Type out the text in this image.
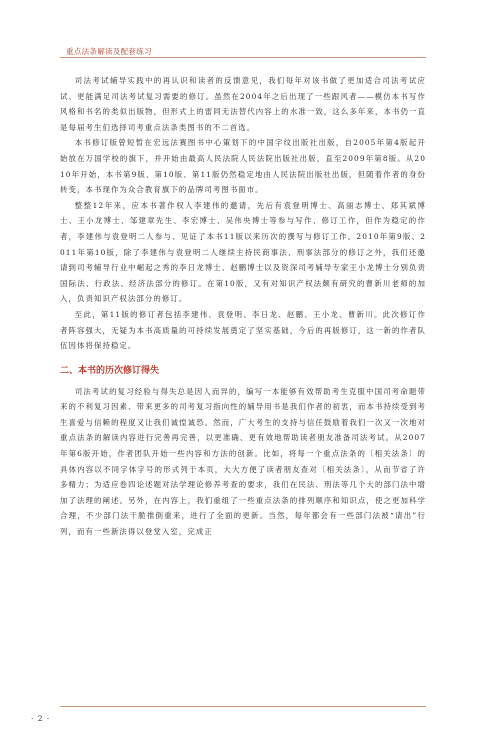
重点法条解读及配套练习

司法考试辅导实践中的再认识和读者的反馈意见，我们每年对该书做了更加适合司法考试应试、更能满足司法考试复习需要的修订。虽然在2004年之后出现了一些跟风者——模仿本书写作风格和书名的类似出版物，但形式上的雷同无法替代内容上的水准一致，这么多年来，本书仍一直是每届考生们选择司考重点法条类图书的不二首选。

本书修订版曾短暂在宏远法赛图书中心策划下的中国字纹出版社出版，自2005年第4版起开始放在万国学校的旗下，并开始由最高人民法院人民法院出版社出版，直至2009年第8版。从2010年开始，本书第9版、第10版、第11版仍然稳定地由人民法院出版社出版，但随着作者的身份转变，本书现作为众合教育旗下的品牌司考图书面市。

整整12年来，应本书著作权人李建伟的邀请，先后有袁登明博士、高丽志博士、郑其斌博士、王小龙博士、邹建章先生、李宏博士、吴伟央博士等参与写作、修订工作，但作为稳定的作者，李建伟与袁登明二人参与、见证了本书11版以来历次的撰写与修订工作。2010年第9版、2011年第10版，除了李建伟与袁登明二人继续主持民商事法、刑事法部分的修订之外，我们还邀请到司考辅导行业中崛起之秀的李日龙博士、赵鹏博士以及资深司考辅导专家王小龙博士分别负责国际法、行政法、经济法部分的修订。在第10版，又有对知识产权法颇有研究的曹新川老师的加入，负责知识产权法部分的修订。

至此，第11版的修订者包括李建伟、袁登明、李日龙、赵鹏、王小龙、曹新川。此次修订作者阵容强大，无疑为本书高质量的可持续发展奠定了坚实基础，今后的再版修订，这一新的作者队伍因体将保持稳定。

二、本书的历次修订得失

司法考试的复习经验与得失总是因人而异的，编写一本能够有效帮助考生克服中国司考命题带来的不利复习因素、带来更多的司考复习指向性的辅导用书是我们作者的初衷，而本书持续受到考生喜爱与信赖的程度又让我们诚惶诚恐。然而，广大考生的支持与信任鼓励着我们一次又一次地对重点法条的解读内容进行完善再完善，以更准确、更有效地帮助读者朋友准备司法考试。从2007年第6版开始，作者团队开始一些内容和方法的创新。比如，将每一个重点法条的〔相关法条〕的具体内容以不同字体字号的形式列于本页，大大方便了读者朋友查对〔相关法条〕，从而节省了许多精力；为适应卷四论述题对法学理论修养考查的要求，我们在民法、刑法等几个大的部门法中增加了法理的阐述。另外，在内容上，我们重组了一些重点法条的排列顺序和知识点，使之更加科学合理，不少部门法干脆推倒重来，进行了全面的更新。当然，每年都会有一些部门法被“请出”行列，而有一些新法得以登堂入室，完成正

· 2 ·
